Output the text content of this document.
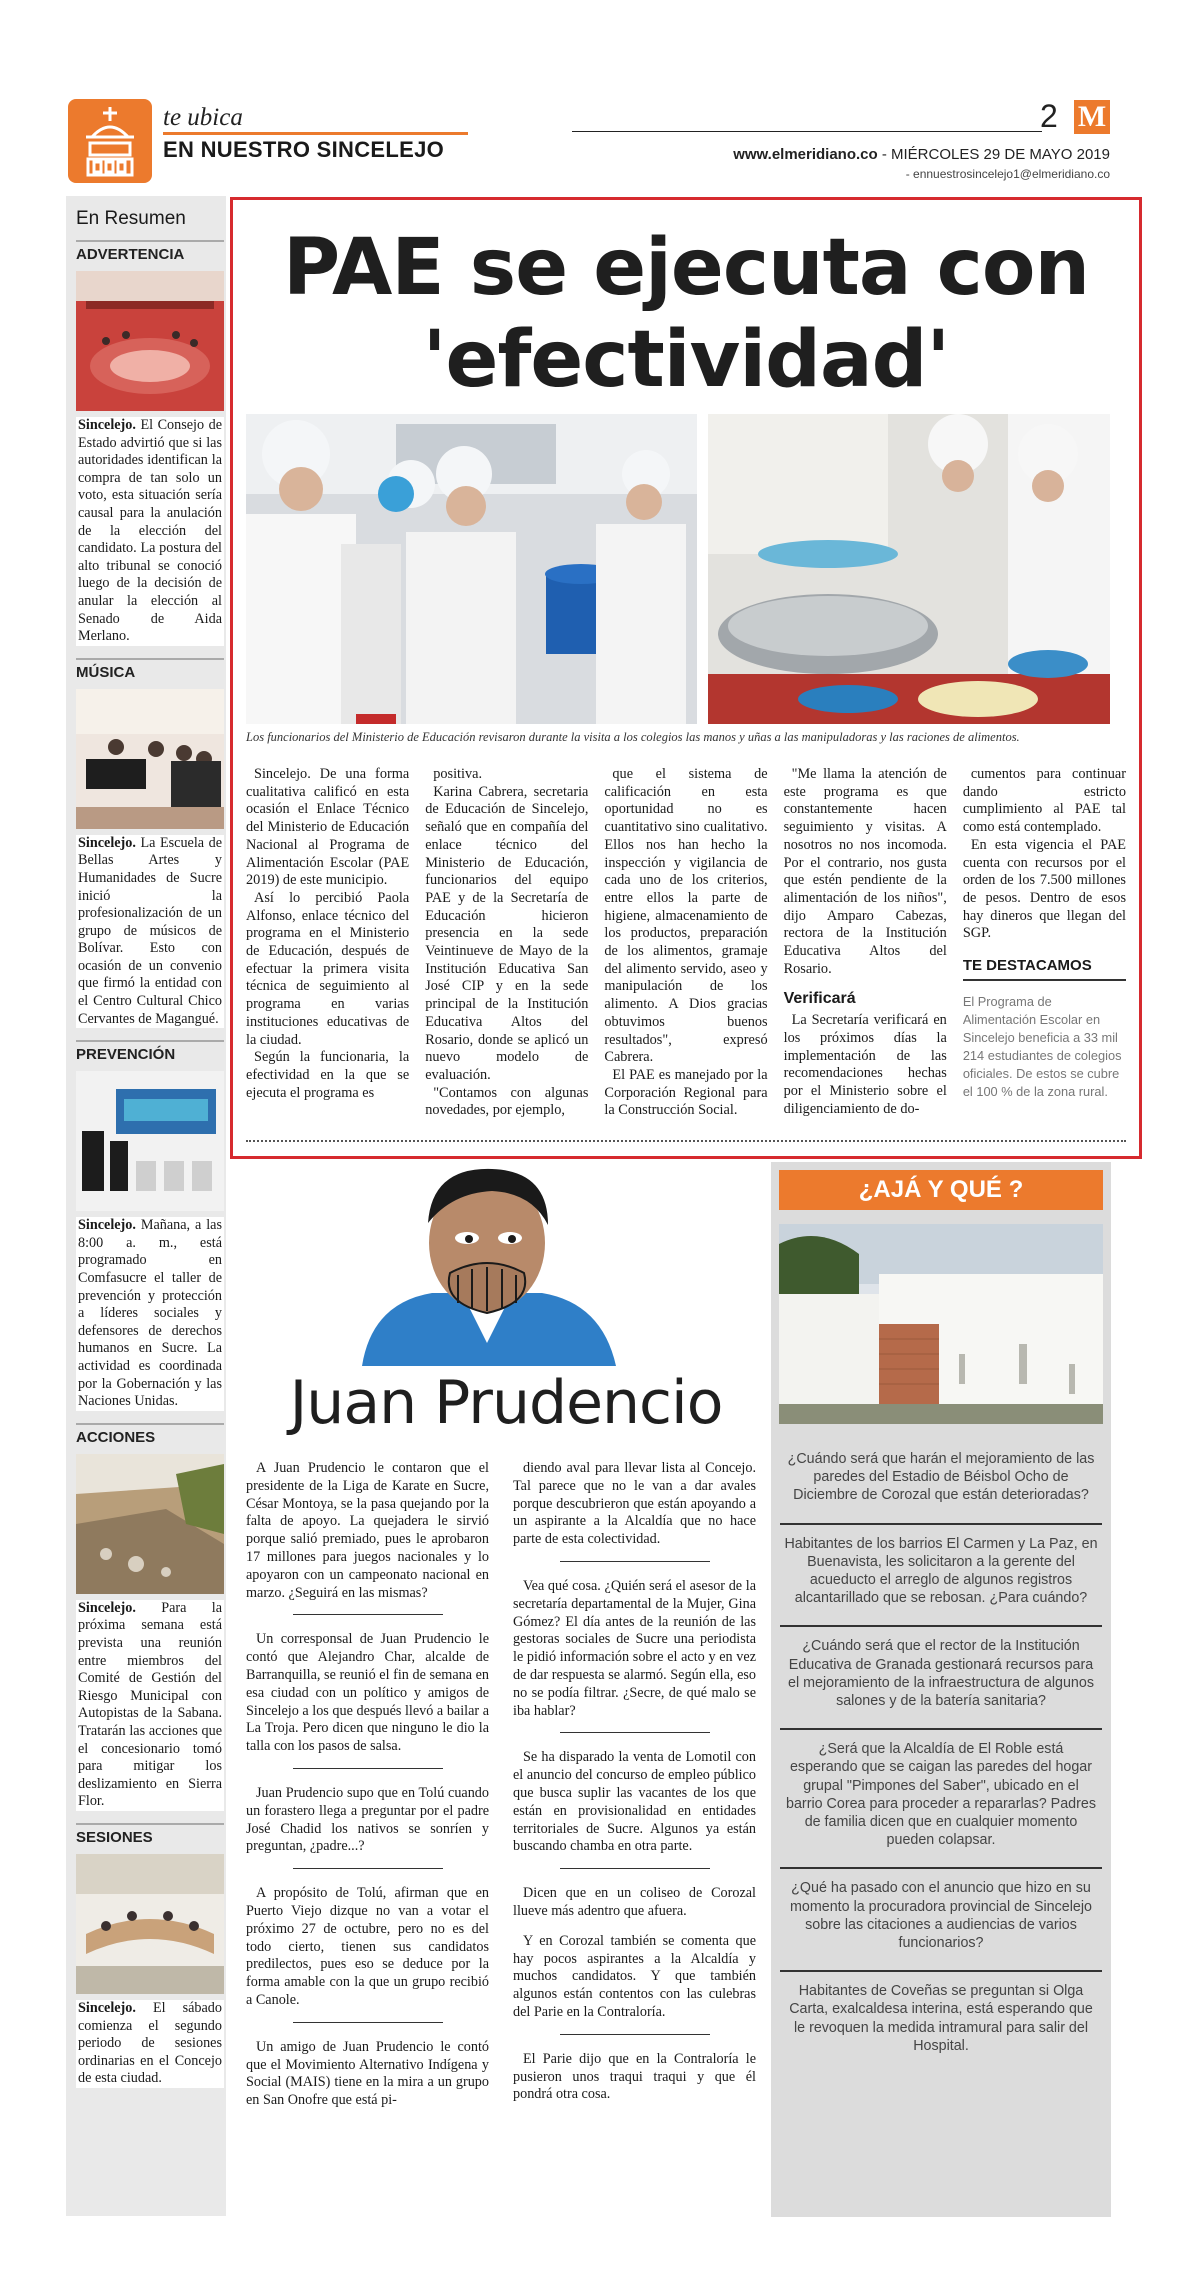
te ubica
EN NUESTRO SINCELEJO
2 M
www.elmeridiano.co - MIÉRCOLES 29 DE MAYO 2019
- ennuestrosincelejo1@elmeridiano.co
En Resumen
ADVERTENCIA
Sincelejo. El Consejo de Estado advirtió que si las autoridades identifican la compra de tan solo un voto, esta situación sería causal para la anulación de la elección del candidato. La postura del alto tribunal se conoció luego de la decisión de anular la elección al Senado de Aida Merlano.
MÚSICA
Sincelejo. La Escuela de Bellas Artes y Humanidades de Sucre inició la profesionalización de un grupo de músicos de Bolívar. Esto con ocasión de un convenio que firmó la entidad con el Centro Cultural Chico Cervantes de Magangué.
PREVENCIÓN
Sincelejo. Mañana, a las 8:00 a. m., está programado en Comfasucre el taller de prevención y protección a líderes sociales y defensores de derechos humanos en Sucre. La actividad es coordinada por la Gobernación y las Naciones Unidas.
ACCIONES
Sincelejo. Para la próxima semana está prevista una reunión entre miembros del Comité de Gestión del Riesgo Municipal con Autopistas de la Sabana. Tratarán las acciones que el concesionario tomó para mitigar los deslizamiento en Sierra Flor.
SESIONES
Sincelejo. El sábado comienza el segundo periodo de sesiones ordinarias en el Concejo de esta ciudad.
PAE se ejecuta con 'efectividad'
Los funcionarios del Ministerio de Educación revisaron durante la visita a los colegios las manos y uñas a las manipuladoras y las raciones de alimentos.

Sincelejo. De una forma cualitativa calificó en esta ocasión el Enlace Técnico del Ministerio de Educación Nacional al Programa de Alimentación Escolar (PAE 2019) de este municipio.

Así lo percibió Paola Alfonso, enlace técnico del programa en el Ministerio de Educación, después de efectuar la primera visita técnica de seguimiento al programa en varias instituciones educativas de la ciudad.

Según la funcionaria, la efectividad en la que se ejecuta el programa es

positiva.

Karina Cabrera, secretaria de Educación de Sincelejo, señaló que en compañía del enlace técnico del Ministerio de Educación, funcionarios del equipo PAE y de la Secretaría de Educación hicieron presencia en la sede Veintinueve de Mayo de la Institución Educativa San José CIP y en la sede principal de la Institución Educativa Altos del Rosario, donde se aplicó un nuevo modelo de evaluación.

"Contamos con algunas novedades, por ejemplo,

que el sistema de calificación en esta oportunidad no es cuantitativo sino cualitativo. Ellos nos han hecho la inspección y vigilancia de cada uno de los criterios, entre ellos la parte de higiene, almacenamiento de los productos, preparación de los alimentos, gramaje del alimento servido, aseo y manipulación de los alimento. A Dios gracias obtuvimos buenos resultados", expresó Cabrera.

El PAE es manejado por la Corporación Regional para la Construcción Social.

"Me llama la atención de este programa es que constantemente hacen seguimiento y visitas. A nosotros no nos incomoda. Por el contrario, nos gusta que estén pendiente de la alimentación de los niños", dijo Amparo Cabezas, rectora de la Institución Educativa Altos del Rosario.

Verificará

La Secretaría verificará en los próximos días la implementación de las recomendaciones hechas por el Ministerio sobre el diligenciamiento de do-

cumentos para continuar dando estricto cumplimiento al PAE tal como está contemplado.

En esta vigencia el PAE cuenta con recursos por el orden de los 7.500 millones de pesos. Dentro de esos hay dineros que llegan del SGP.

TE DESTACAMOS
El Programa de Alimentación Escolar en Sincelejo beneficia a 33 mil 214 estudiantes de colegios oficiales. De estos se cubre el 100 % de la zona rural.
Juan Prudencio

A Juan Prudencio le contaron que el presidente de la Liga de Karate en Sucre, César Montoya, se la pasa quejando por la falta de apoyo. La quejadera le sirvió porque salió premiado, pues le aprobaron 17 millones para juegos nacionales y lo apoyaron con un campeonato nacional en marzo. ¿Seguirá en las mismas?

Un corresponsal de Juan Prudencio le contó que Alejandro Char, alcalde de Barranquilla, se reunió el fin de semana en esa ciudad con un político y amigos de Sincelejo a los que después llevó a bailar a La Troja. Pero dicen que ninguno le dio la talla con los pasos de salsa.

Juan Prudencio supo que en Tolú cuando un forastero llega a preguntar por el padre José Chadid los nativos se sonríen y preguntan, ¿padre...?

A propósito de Tolú, afirman que en Puerto Viejo dizque no van a votar el próximo 27 de octubre, pero no es del todo cierto, tienen sus candidatos predilectos, pues eso se deduce por la forma amable con la que un grupo recibió a Canole.

Un amigo de Juan Prudencio le contó que el Movimiento Alternativo Indígena y Social (MAIS) tiene en la mira a un grupo en San Onofre que está pi-

diendo aval para llevar lista al Concejo. Tal parece que no le van a dar avales porque descubrieron que están apoyando a un aspirante a la Alcaldía que no hace parte de esta colectividad.

Vea qué cosa. ¿Quién será el asesor de la secretaría departamental de la Mujer, Gina Gómez? El día antes de la reunión de las gestoras sociales de Sucre una periodista le pidió información sobre el acto y en vez de dar respuesta se alarmó. Según ella, eso no se podía filtrar. ¿Secre, de qué malo se iba hablar?

Se ha disparado la venta de Lomotil con el anuncio del concurso de empleo público que busca suplir las vacantes de los que están en provisionalidad en entidades territoriales de Sucre. Algunos ya están buscando chamba en otra parte.

Dicen que en un coliseo de Corozal llueve más adentro que afuera.

Y en Corozal también se comenta que hay pocos aspirantes a la Alcaldía y muchos candidatos. Y que también algunos están contentos con las culebras del Parie en la Contraloría.

El Parie dijo que en la Contraloría le pusieron unos traqui traqui y que él pondrá otra cosa.

¿AJÁ Y QUÉ ?
¿Cuándo será que harán el mejoramiento de las paredes del Estadio de Béisbol Ocho de Diciembre de Corozal que están deterioradas?
Habitantes de los barrios El Carmen y La Paz, en Buenavista, les solicitaron a la gerente del acueducto el arreglo de algunos registros alcantarillado que se rebosan. ¿Para cuándo?
¿Cuándo será que el rector de la Institución Educativa de Granada gestionará recursos para el mejoramiento de la infraestructura de algunos salones y de la batería sanitaria?
¿Será que la Alcaldía de El Roble está esperando que se caigan las paredes del hogar grupal "Pimpones del Saber", ubicado en el barrio Corea para proceder a repararlas? Padres de familia dicen que en cualquier momento pueden colapsar.
¿Qué ha pasado con el anuncio que hizo en su momento la procuradora provincial de Sincelejo sobre las citaciones a audiencias de varios funcionarios?
Habitantes de Coveñas se preguntan si Olga Carta, exalcaldesa interina, está esperando que le revoquen la medida intramural para salir del Hospital.
